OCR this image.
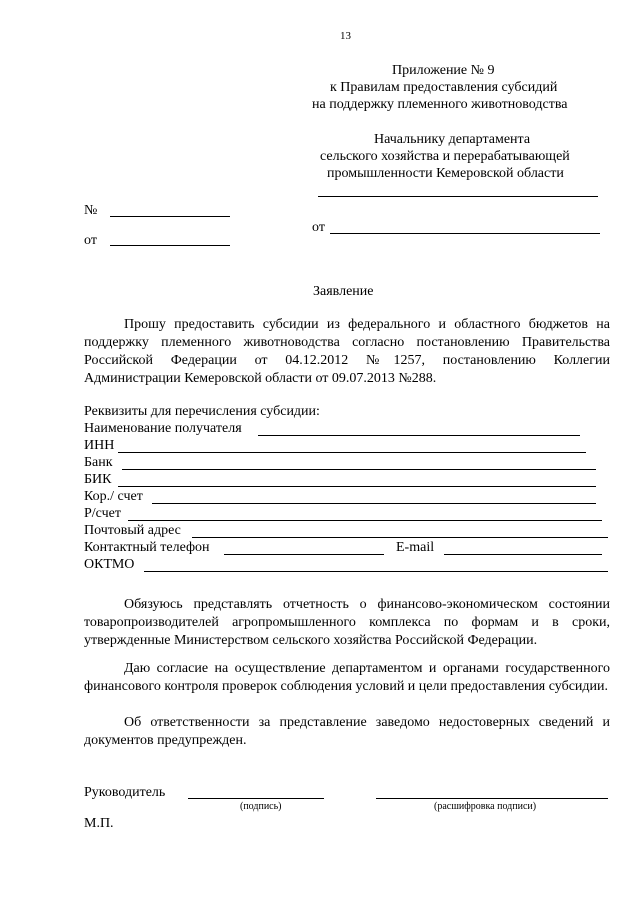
13
Приложение № 9
к Правилам предоставления субсидий
на поддержку племенного животноводства
Начальнику департамента
сельского хозяйства и перерабатывающей
промышленности Кемеровской области
№
от
от
Заявление
Прошу предоставить субсидии из федерального и областного бюджетов на поддержку племенного животноводства согласно постановлению Правительства Российской Федерации от 04.12.2012 №1257, постановлению Коллегии Администрации Кемеровской области от 09.07.2013 №288.
Реквизиты для перечисления субсидии:
Наименование получателя
ИНН
Банк
БИК
Кор./ счет
Р/счет
Почтовый адрес
Контактный телефон	E-mail
ОКТМО
Обязуюсь представлять отчетность о финансово-экономическом состоянии товаропроизводителей агропромышленного комплекса по формам и в сроки, утвержденные Министерством сельского хозяйства Российской Федерации.
Даю согласие на осуществление департаментом и органами государственного финансового контроля проверок соблюдения условий и цели предоставления субсидии.
Об ответственности за представление заведомо недостоверных сведений и документов предупрежден.
Руководитель
(подпись)	(расшифровка подписи)
М.П.
